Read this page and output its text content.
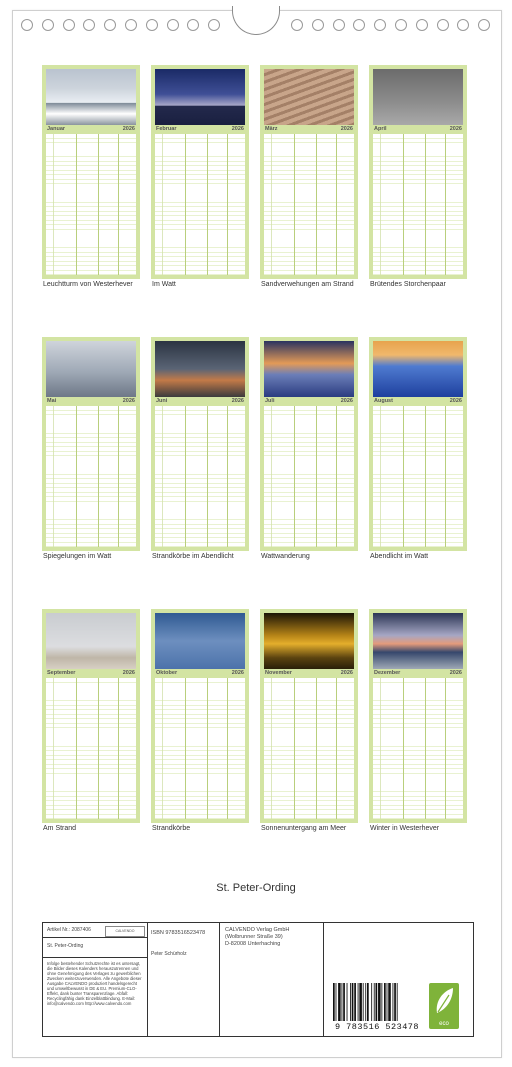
Januar	2026
Leuchtturm von Westerhever
Februar	2026
Im Watt
März	2026
Sandverwehungen am Strand
April	2026
Brütendes Storchenpaar
Mai	2026
Spiegelungen im Watt
Juni	2026
Strandkörbe im Abendlicht
Juli	2026
Wattwanderung
August	2026
Abendlicht im Watt
September	2026
Am Strand
Oktober	2026
Strandkörbe
November	2026
Sonnenuntergang am Meer
Dezember	2026
Winter in Westerhever
St. Peter-Ording
Artikel Nr.: 2087406	CALVENDO
St. Peter-Ording
Infolge bestehender Schutzrechte ist es untersagt, die Bilder dieses Kalenders herauszutrennen und ohne Genehmigung des Verlages zu gewerblichen Zwecken weiterzuverwenden. Alle Angebote dieser Ausgabe CALVENDO produziert handelsgerecht und umweltbewusst in DE & EU. Premium-CLO-Effekt, dank bunter Transparenzlage. Abfall: Recyclingfähig dank Einzelblattbindung. E-Mail: info@calvendo.com http://www.calvendo.com
ISBN 9783516523478
Peter Schürholz
CALVENDO Verlag GmbH
(Wolbrunner Straße 39)
D-82008 Unterhaching
9 783516 523478	eco
